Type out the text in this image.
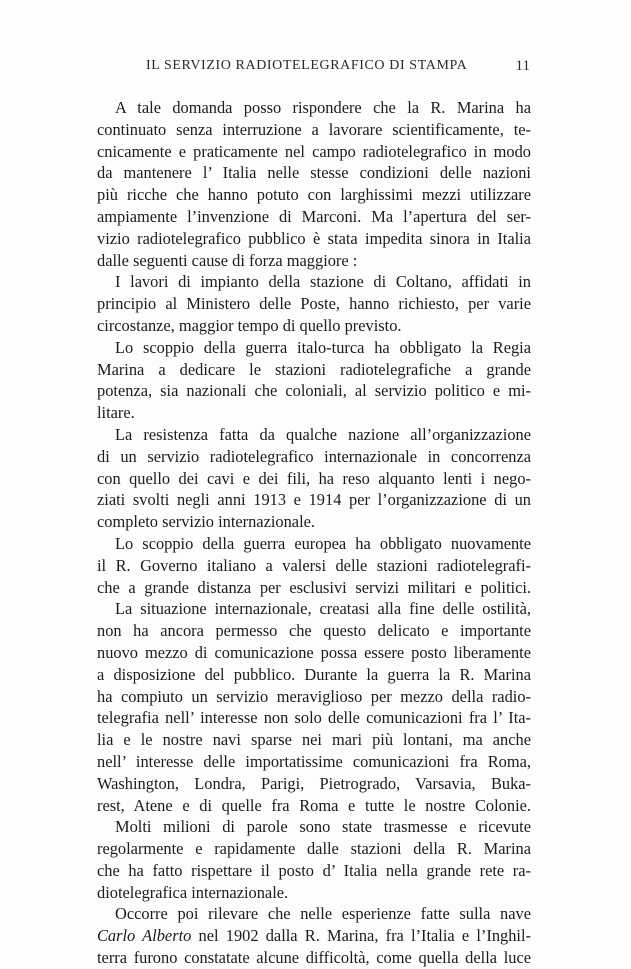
IL SERVIZIO RADIOTELEGRAFICO DI STAMPA	11
A tale domanda posso rispondere che la R. Marina ha
continuato senza interruzione a lavorare scientificamente, te-
cnicamente e praticamente nel campo radiotelegrafico in modo
da mantenere l’ Italia nelle stesse condizioni delle nazioni
più ricche che hanno potuto con larghissimi mezzi utilizzare
ampiamente l’invenzione di Marconi. Ma l’apertura del ser-
vizio radiotelegrafico pubblico è stata impedita sinora in Italia
dalle seguenti cause di forza maggiore :
I lavori di impianto della stazione di Coltano, affidati in
principio al Ministero delle Poste, hanno richiesto, per varie
circostanze, maggior tempo di quello previsto.
Lo scoppio della guerra italo-turca ha obbligato la Regia
Marina a dedicare le stazioni radiotelegrafiche a grande
potenza, sia nazionali che coloniali, al servizio politico e mi-
litare.
La resistenza fatta da qualche nazione all’organizzazione
di un servizio radiotelegrafico internazionale in concorrenza
con quello dei cavi e dei fili, ha reso alquanto lenti i nego-
ziati svolti negli anni 1913 e 1914 per l’organizzazione di un
completo servizio internazionale.
Lo scoppio della guerra europea ha obbligato nuovamente
il R. Governo italiano a valersi delle stazioni radiotelegrafi-
che a grande distanza per esclusivi servizi militari e politici.
La situazione internazionale, creatasi alla fine delle ostilità,
non ha ancora permesso che questo delicato e importante
nuovo mezzo di comunicazione possa essere posto liberamente
a disposizione del pubblico. Durante la guerra la R. Marina
ha compiuto un servizio meraviglioso per mezzo della radio-
telegrafia nell’ interesse non solo delle comunicazioni fra l’ Ita-
lia e le nostre navi sparse nei mari più lontani, ma anche
nell’ interesse delle importatissime comunicazioni fra Roma,
Washington, Londra, Parigi, Pietrogrado, Varsavia, Buka-
rest, Atene e di quelle fra Roma e tutte le nostre Colonie.
Molti milioni di parole sono state trasmesse e ricevute
regolarmente e rapidamente dalle stazioni della R. Marina
che ha fatto rispettare il posto d’ Italia nella grande rete ra-
diotelegrafica internazionale.
Occorre poi rilevare che nelle esperienze fatte sulla nave
Carlo Alberto nel 1902 dalla R. Marina, fra l’Italia e l’Inghil-
terra furono constatate alcune difficoltà, come quella della luce
